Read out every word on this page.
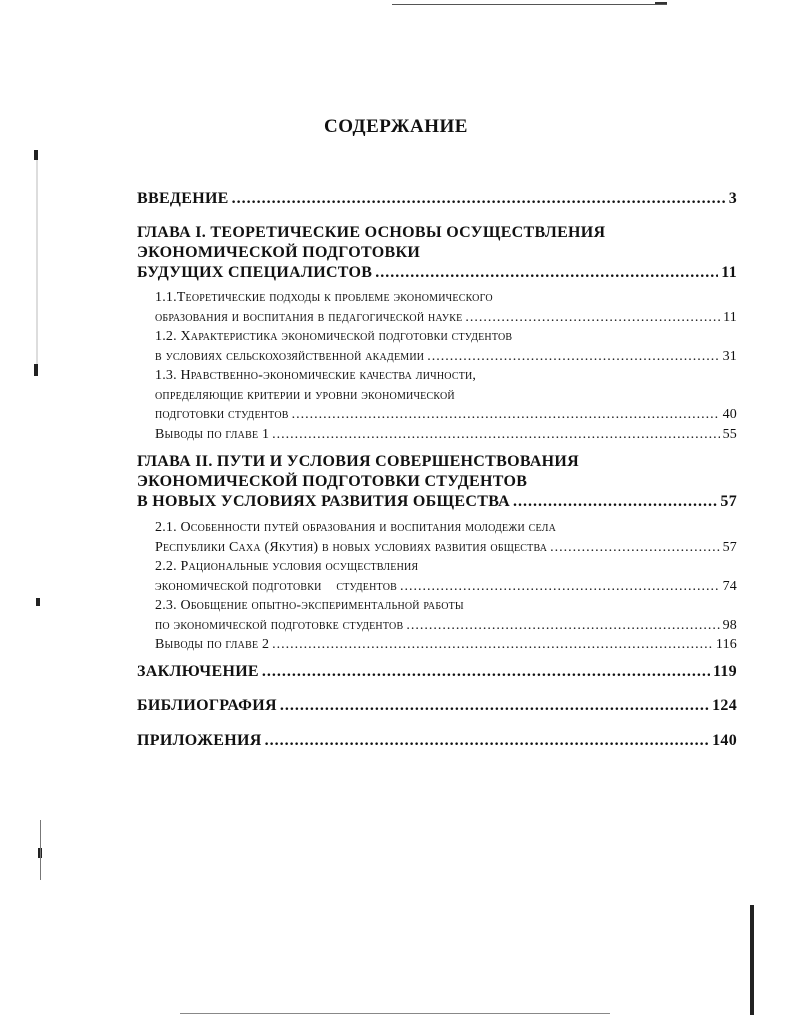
СОДЕРЖАНИЕ
ВВЕДЕНИЕ .....	3
ГЛАВА I. ТЕОРЕТИЧЕСКИЕ ОСНОВЫ ОСУЩЕСТВЛЕНИЯ
ЭКОНОМИЧЕСКОЙ ПОДГОТОВКИ
БУДУЩИХ СПЕЦИАЛИСТОВ .....	11
1.1.Теоретические подходы к проблеме экономического
образования и воспитания в педагогической науке .....	11
1.2. Характеристика экономической подготовки студентов
в условиях сельскохозяйственной академии .....	31
1.3. Нравственно-экономические качества личности,
определяющие критерии и уровни экономической
подготовки студентов .....	40
Выводы по главе 1 .....	55
ГЛАВА II. ПУТИ И УСЛОВИЯ СОВЕРШЕНСТВОВАНИЯ
ЭКОНОМИЧЕСКОЙ ПОДГОТОВКИ СТУДЕНТОВ
В НОВЫХ УСЛОВИЯХ РАЗВИТИЯ ОБЩЕСТВА .....	57
2.1. Особенности путей образования и воспитания молодежи села
Республики Саха (Якутия) в новых условиях развития общества .....	57
2.2. Рациональные условия осуществления
экономической подготовки    студентов .....	74
2.3. Обобщение опытно-экспериментальной работы
по экономической подготовке студентов .....	98
Выводы по главе 2 .....	116
ЗАКЛЮЧЕНИЕ .....	119
БИБЛИОГРАФИЯ .....	124
ПРИЛОЖЕНИЯ .....	140
